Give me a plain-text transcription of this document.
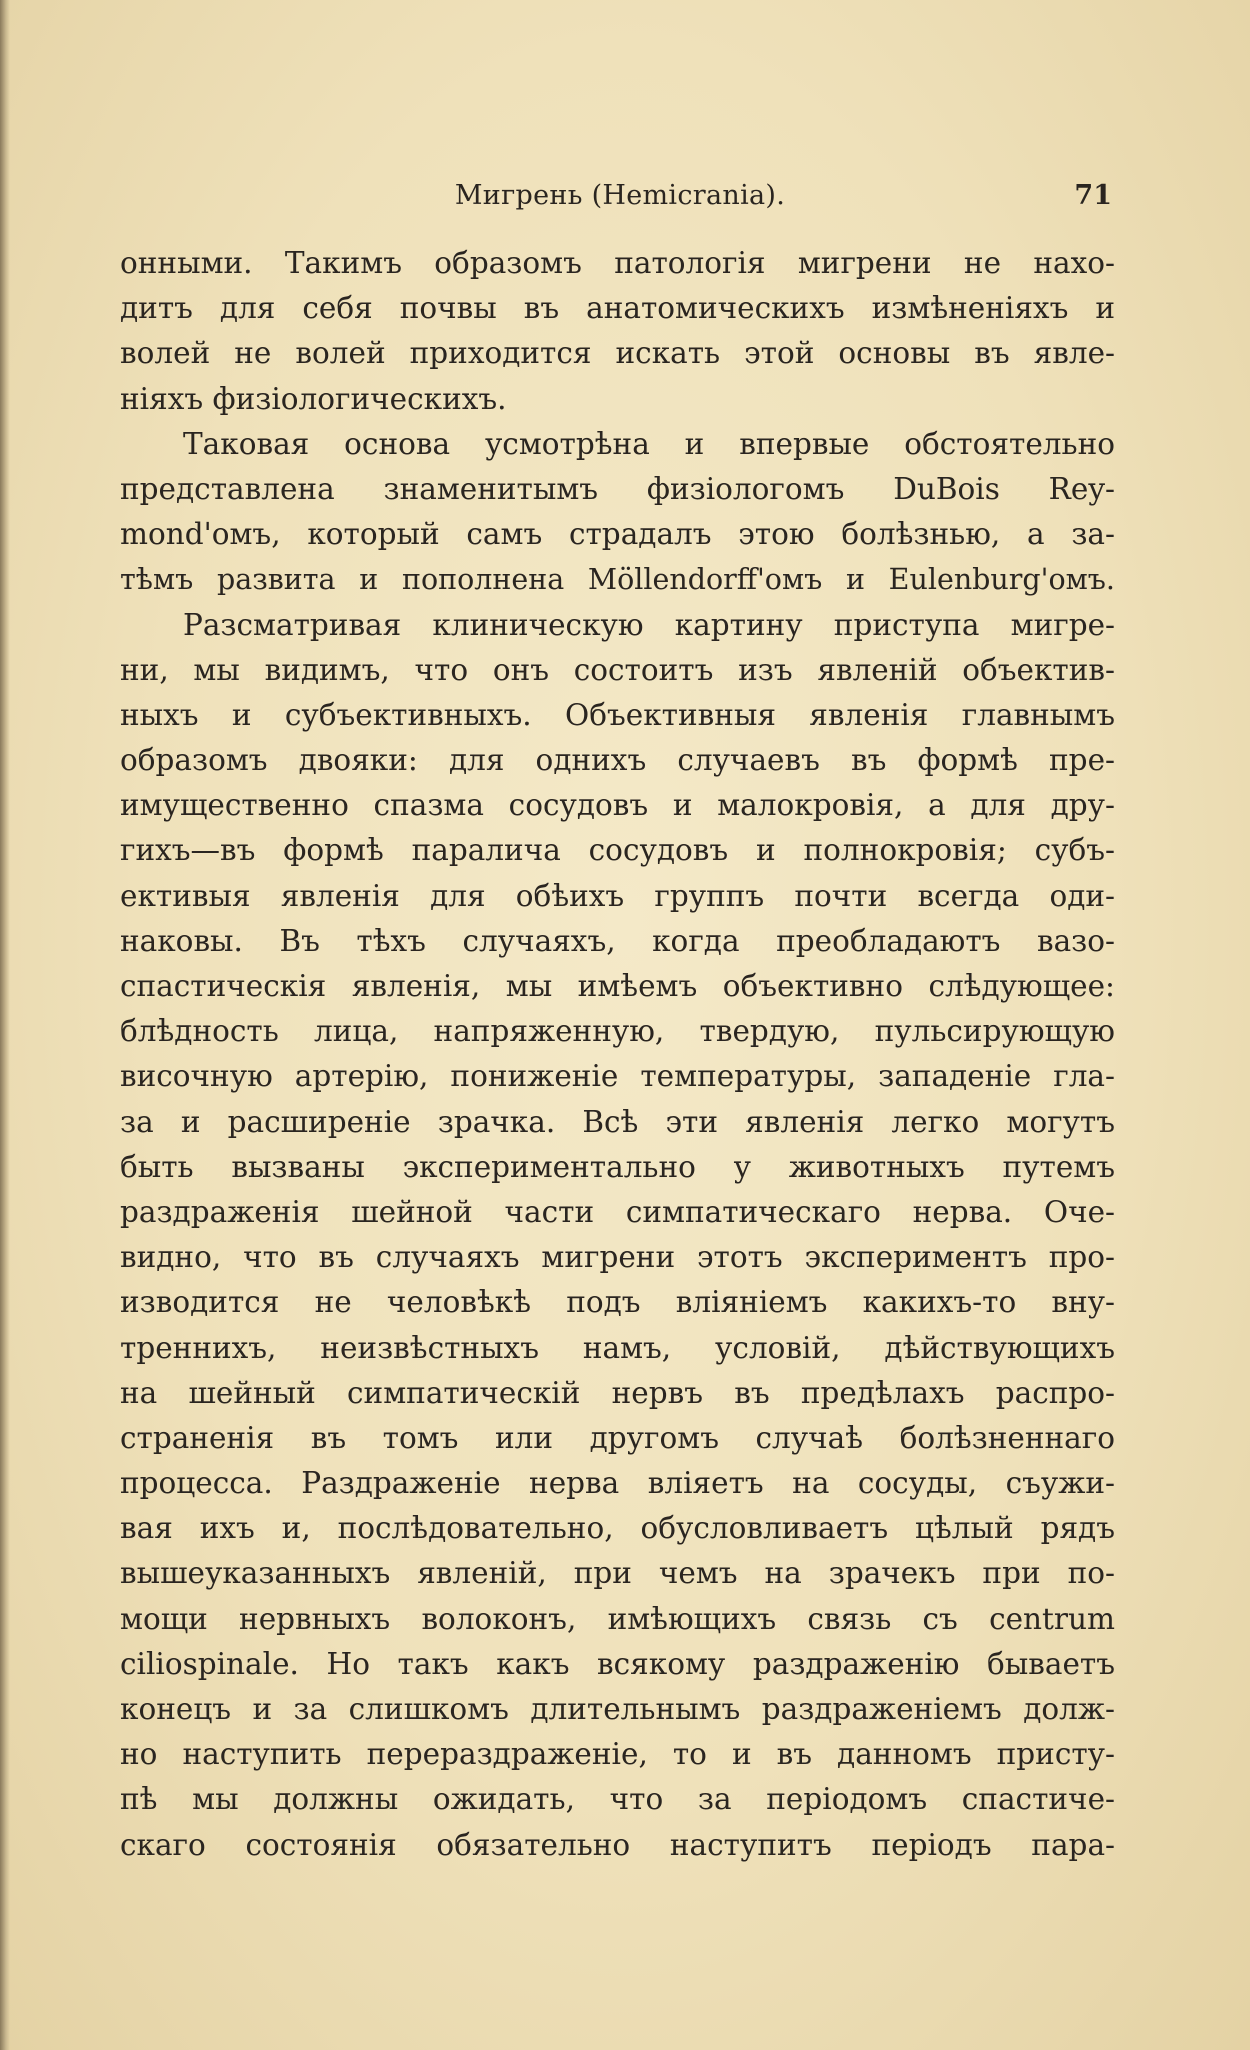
Мигрень (Hemicrania).	71
онными. Такимъ образомъ патологія мигрени не нахо-
дитъ для себя почвы въ анатомическихъ измѣненіяхъ и
волей не волей приходится искать этой основы въ явле-
ніяхъ физіологическихъ.
Таковая основа усмотрѣна и впервые обстоятельно
представлена знаменитымъ физіологомъ DuBois Rey-
mond'омъ, который самъ страдалъ этою болѣзнью, а за-
тѣмъ развита и пополнена Möllendorff'омъ и Eulenburg'омъ.
Разсматривая клиническую картину приступа мигре-
ни, мы видимъ, что онъ состоитъ изъ явленій объектив-
ныхъ и субъективныхъ. Объективныя явленія главнымъ
образомъ двояки: для однихъ случаевъ въ формѣ пре-
имущественно спазма сосудовъ и малокровія, а для дру-
гихъ—въ формѣ паралича сосудовъ и полнокровія; субъ-
ективыя явленія для обѣихъ группъ почти всегда оди-
наковы. Въ тѣхъ случаяхъ, когда преобладаютъ вазо-
спастическія явленія, мы имѣемъ объективно слѣдующее:
блѣдность лица, напряженную, твердую, пульсирующую
височную артерію, пониженіе температуры, западеніе гла-
за и расширеніе зрачка. Всѣ эти явленія легко могутъ
быть вызваны экспериментально у животныхъ путемъ
раздраженія шейной части симпатическаго нерва. Оче-
видно, что въ случаяхъ мигрени этотъ экспериментъ про-
изводится не человѣкѣ подъ вліяніемъ какихъ-то вну-
треннихъ, неизвѣстныхъ намъ, условій, дѣйствующихъ
на шейный симпатическій нервъ въ предѣлахъ распро-
страненія въ томъ или другомъ случаѣ болѣзненнаго
процесса. Раздраженіе нерва вліяетъ на сосуды, съужи-
вая ихъ и, послѣдовательно, обусловливаетъ цѣлый рядъ
вышеуказанныхъ явленій, при чемъ на зрачекъ при по-
мощи нервныхъ волоконъ, имѣющихъ связь съ centrum
ciliospinale. Но такъ какъ всякому раздраженію бываетъ
конецъ и за слишкомъ длительнымъ раздраженіемъ долж-
но наступить перераздраженіе, то и въ данномъ присту-
пѣ мы должны ожидать, что за періодомъ спастиче-
скаго состоянія обязательно наступитъ періодъ пара-
